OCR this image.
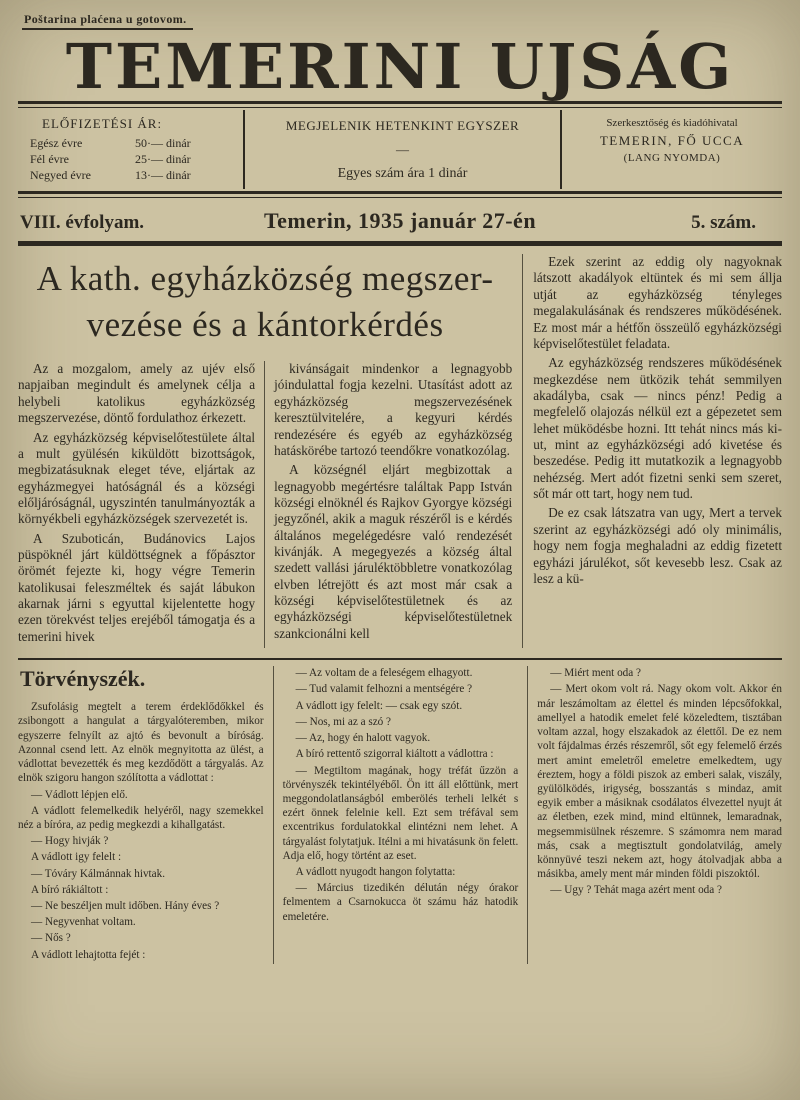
Poštarina plaćena u gotovom.
TEMERINI UJSÁG
ELŐFIZETÉSI ÁR:
Egész évre	50·— dinár
Fél évre	25·— dinár
Negyed évre	13·— dinár
MEGJELENIK HETENKINT EGYSZER
—
Egyes szám ára 1 dinár
Szerkesztőség és kiadóhivatal
TEMERIN, FŐ UCCA
(LANG NYOMDA)
VIII. évfolyam.	Temerin, 1935 január 27-én	5. szám.
A kath. egyházközség megszer-
vezése és a kántorkérdés

Az a mozgalom, amely az ujév első napjaiban megindult és amelynek célja a helybeli katolikus egyházközség megszervezése, döntő fordulathoz érkezett.

Az egyházközség képviselőtestülete által a mult gyülésén kiküldött bizottságok, megbizatásuknak eleget téve, eljártak az egyházmegyei hatóságnál és a községi előljáróságnál, ugyszintén tanulmányozták a környékbeli egyházközségek szervezetét is.

A Szuboticán, Budánovics Lajos püspöknél járt küldöttségnek a főpásztor örömét fejezte ki, hogy végre Temerin katolikusai feleszméltek és saját lábukon akarnak járni s egyuttal kijelentette hogy ezen törekvést teljes erejéből támogatja és a temerini hivek

kivánságait mindenkor a legnagyobb jóindulattal fogja kezelni. Utasítást adott az egyházközség megszervezésének keresztülvitelére, a kegyuri kérdés rendezésére és egyéb az egyházközség hatáskörébe tartozó teendőkre vonatkozólag.

A községnél eljárt megbizottak a legnagyobb megértésre találtak Papp István községi elnöknél és Rajkov Gyorgye községi jegyzőnél, akik a maguk részéről is e kérdés általános megelégedésre való rendezését kivánják. A megegyezés a község által szedett vallási járuléktöbbletre vonatkozólag elvben létrejött és azt most már csak a községi képviselőtestületnek és az egyházközségi képviselőtestületnek szankcionálni kell

Ezek szerint az eddig oly nagyoknak látszott akadályok eltüntek és mi sem állja utját az egyházközség tényleges megalakulásának és rendszeres működésének. Ez most már a hétfőn összeülő egyházközségi képviselőtestület feladata.

Az egyházközség rendszeres működésének megkezdése nem ütközik tehát semmilyen akadályba, csak — nincs pénz! Pedig a megfelelő olajozás nélkül ezt a gépezetet sem lehet müködésbe hozni. Itt tehát nincs más ki-ut, mint az egyházközségi adó kivetése és beszedése. Pedig itt mutatkozik a legnagyobb nehézség. Mert adót fizetni senki sem szeret, sőt már ott tart, hogy nem tud.

De ez csak látszatra van ugy, Mert a tervek szerint az egyházközségi adó oly minimális, hogy nem fogja meghaladni az eddig fizetett egyházi járulékot, sőt kevesebb lesz. Csak az lesz a kü-

Törvényszék.

Zsufolásig megtelt a terem érdeklődőkkel és zsibongott a hangulat a tárgyalóteremben, mikor egyszerre felnyílt az ajtó és bevonult a bíróság. Azonnal csend lett. Az elnök megnyitotta az ülést, a vádlottat bevezették és meg kezdődött a tárgyalás. Az elnök szigoru hangon szólította a vádlottat :

— Vádlott lépjen elő.

A vádlott felemelkedik helyéről, nagy szemekkel néz a bíróra, az pedig megkezdi a kihallgatást.

— Hogy hivják ?

A vádlott igy felelt :

— Tóváry Kálmánnak hivtak.

A bíró rákiáltott :

— Ne beszéljen mult időben. Hány éves ?

— Negyvenhat voltam.

— Nős ?

A vádlott lehajtotta fejét :

— Az voltam de a feleségem elhagyott.

— Tud valamit felhozni a mentségére ?

A vádlott igy felelt: — csak egy szót.

— Nos, mi az a szó ?

— Az, hogy én halott vagyok.

A bíró rettentő szigorral kiáltott a vádlottra :

— Megtiltom magának, hogy tréfát űzzön a törvényszék tekintélyéből. Ön itt áll előttünk, mert meggondolatlanságból emberölés terheli lelkét s ezért önnek felelnie kell. Ezt sem tréfával sem excentrikus fordulatokkal elintézni nem lehet. A tárgyalást folytatjuk. Itélni a mi hivatásunk ön felett. Adja elő, hogy történt az eset.

A vádlott nyugodt hangon folytatta:

— Március tizedikén délután négy órakor felmentem a Csarnokucca öt számu ház hatodik emeletére.

— Miért ment oda ?

— Mert okom volt rá. Nagy okom volt. Akkor én már leszámoltam az élettel és minden lépcsőfokkal, amellyel a hatodik emelet felé közeledtem, tisztában voltam azzal, hogy elszakadok az élettől. De ez nem volt fájdalmas érzés részemről, sőt egy felemelő érzés mert amint emeletről emeletre emelkedtem, ugy éreztem, hogy a földi piszok az emberi salak, viszály, gyülölködés, irigység, bosszantás s mindaz, amit egyik ember a másiknak csodálatos élvezettel nyujt át az életben, ezek mind, mind eltünnek, lemaradnak, megsemmisülnek részemre. S számomra nem marad más, csak a megtisztult gondolatvilág, amely könnyüvé teszi nekem azt, hogy átolvadjak abba a másikba, amely ment már minden földi piszoktól.

— Ugy ? Tehát maga azért ment oda ?
